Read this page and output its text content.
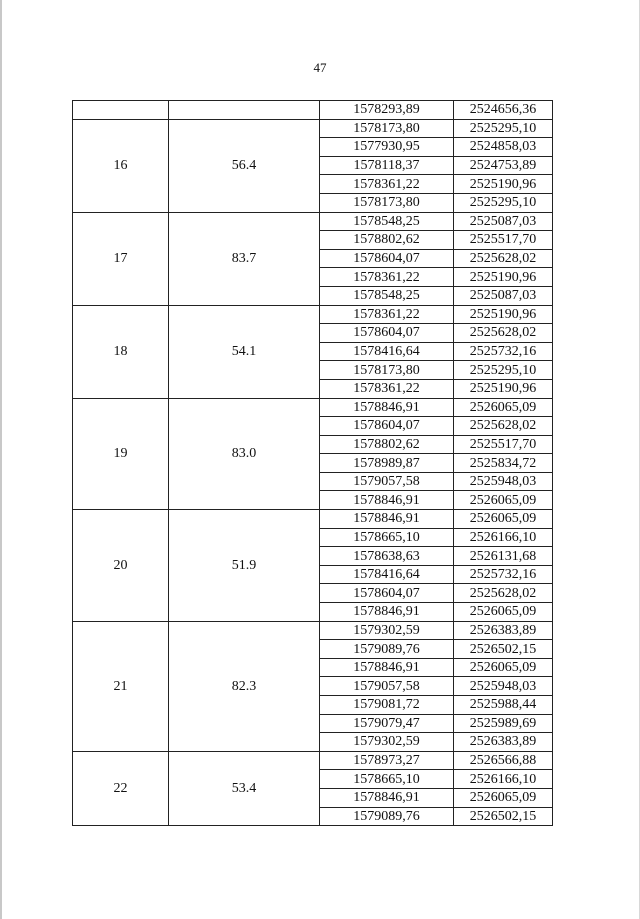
47
		1578293,89	2524656,36
16	56.4	1578173,80	2525295,10
		1577930,95	2524858,03
		1578118,37	2524753,89
		1578361,22	2525190,96
		1578173,80	2525295,10
17	83.7	1578548,25	2525087,03
		1578802,62	2525517,70
		1578604,07	2525628,02
		1578361,22	2525190,96
		1578548,25	2525087,03
18	54.1	1578361,22	2525190,96
		1578604,07	2525628,02
		1578416,64	2525732,16
		1578173,80	2525295,10
		1578361,22	2525190,96
19	83.0	1578846,91	2526065,09
		1578604,07	2525628,02
		1578802,62	2525517,70
		1578989,87	2525834,72
		1579057,58	2525948,03
		1578846,91	2526065,09
20	51.9	1578846,91	2526065,09
		1578665,10	2526166,10
		1578638,63	2526131,68
		1578416,64	2525732,16
		1578604,07	2525628,02
		1578846,91	2526065,09
21	82.3	1579302,59	2526383,89
		1579089,76	2526502,15
		1578846,91	2526065,09
		1579057,58	2525948,03
		1579081,72	2525988,44
		1579079,47	2525989,69
		1579302,59	2526383,89
22	53.4	1578973,27	2526566,88
		1578665,10	2526166,10
		1578846,91	2526065,09
		1579089,76	2526502,15
